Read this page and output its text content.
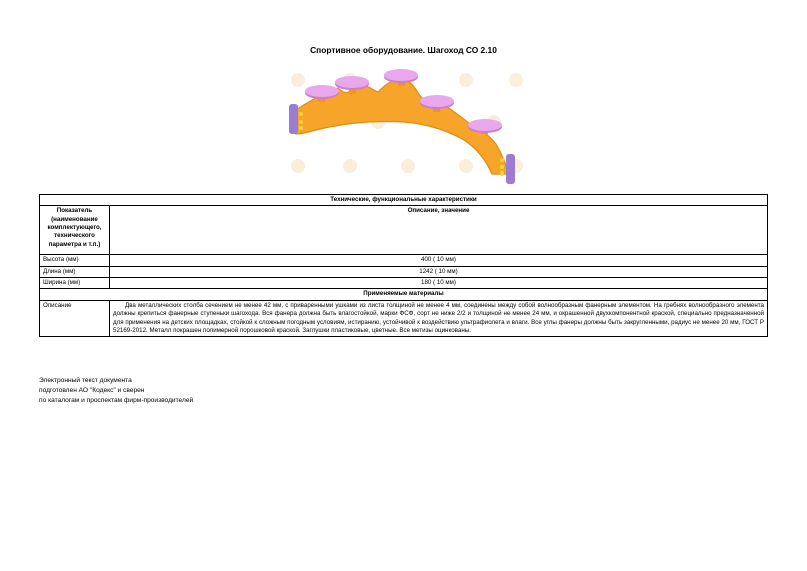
Спортивное оборудование. Шагоход СО 2.10
Технические, функциональные характеристики	
Показатель (наименование комплектующего, технического параметра и т.п.)	Описание, значение
Высота (мм)	400 ( 10 мм)
Длина (мм)	1242 ( 10 мм)
Ширина (мм)	180 ( 10 мм)
Применяемые материалы	
Описание	Два металлических столба сечением не менее 42 мм, с приваренными ушками из листа толщиной не менее 4 мм, соединены между собой волнообразным фанерным элементом. На гребнях волнообразного элемента должны крепиться фанерные ступеньки шагохода. Вся фанера должна быть влагостойкой, марки ФСФ, сорт не ниже 2/2 и толщиной не менее 24 мм, и окрашенной двухкомпонентной краской, специально предназначенной для применения на детских площадках, стойкой к сложным погодным условиям, истиранию, устойчивой к воздействию ультрафиолета и влаги. Все углы фанеры должны быть закругленными, радиус не менее 20 мм, ГОСТ Р 52169-2012. Металл покрашен полимерной порошковой краской. Заглушки пластиковые, цветные. Все метизы оцинкованы.
Электронный текст документа
подготовлен АО "Кодекс" и сверен
по каталогам и проспектам фирм-производителей
